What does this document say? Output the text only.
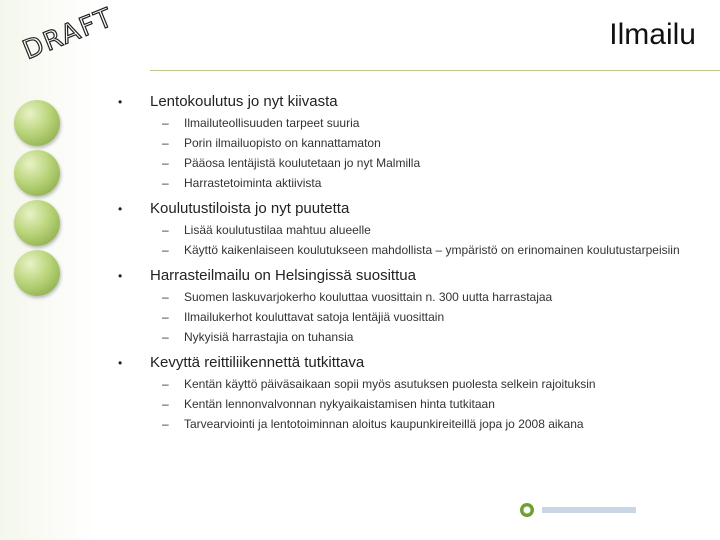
DRAFT	Ilmailu
•	Lentokoulutus jo nyt kiivasta
–	Ilmailuteollisuuden tarpeet suuria
–	Porin ilmailuopisto on kannattamaton
–	Pääosa lentäjistä koulutetaan jo nyt Malmilla
–	Harrastetoiminta aktiivista
•	Koulutustiloista jo nyt puutetta
–	Lisää koulutustilaa mahtuu alueelle
–	Käyttö kaikenlaiseen koulutukseen mahdollista – ympäristö on erinomainen koulutustarpeisiin
•	Harrasteilmailu on Helsingissä suosittua
–	Suomen laskuvarjokerho kouluttaa vuosittain n. 300 uutta harrastajaa
–	Ilmailukerhot kouluttavat satoja lentäjiä vuosittain
–	Nykyisiä harrastajia on tuhansia
•	Kevyttä reittiliikennettä tutkittava
–	Kentän käyttö päiväsaikaan sopii myös asutuksen puolesta selkein rajoituksin
–	Kentän lennonvalvonnan nykyaikaistamisen hinta tutkitaan
–	Tarvearviointi ja lentotoiminnan aloitus kaupunkireiteillä jopa jo 2008 aikana
